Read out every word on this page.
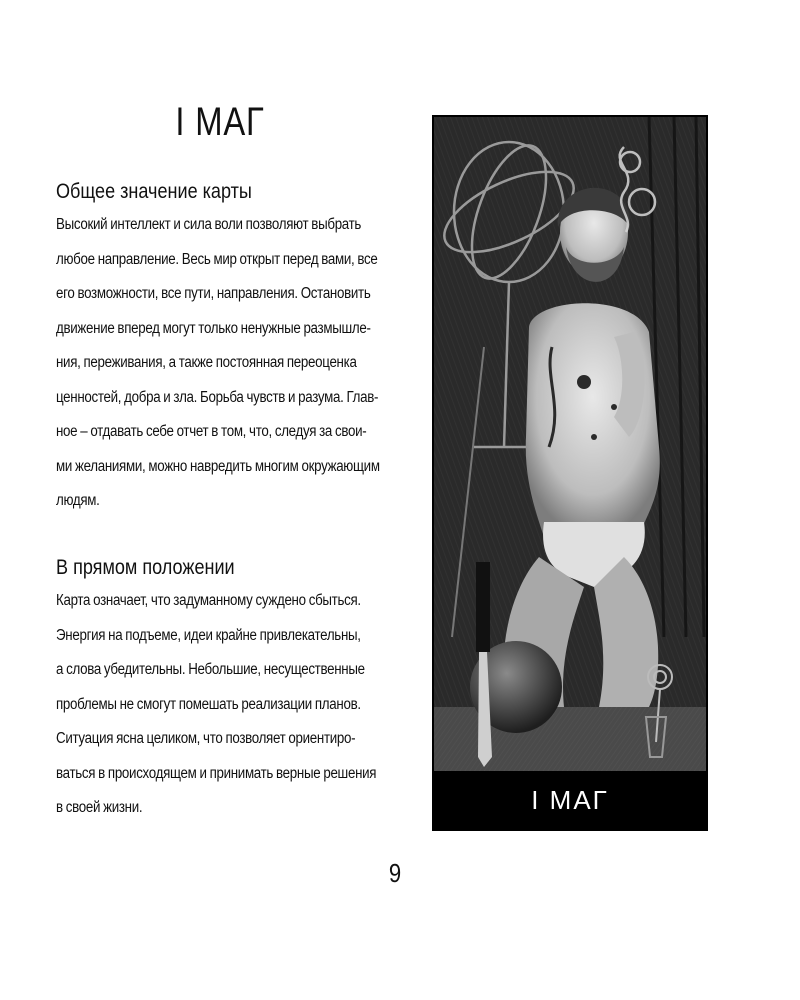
I МАГ
Общее значение карты
Высокий интеллект и сила воли позволяют выбрать
любое направление. Весь мир открыт перед вами, все
его возможности, все пути, направления. Остановить
движение вперед могут только ненужные размышле-
ния, переживания, а также постоянная переоценка
ценностей, добра и зла. Борьба чувств и разума. Глав-
ное – отдавать себе отчет в том, что, следуя за свои-
ми желаниями, можно навредить многим окружающим
людям.
В прямом положении
Карта означает, что задуманному суждено сбыться.
Энергия на подъеме, идеи крайне привлекательны,
а слова убедительны. Небольшие, несущественные
проблемы не смогут помешать реализации планов.
Ситуация ясна целиком, что позволяет ориентиро-
ваться в происходящем и принимать верные решения
в своей жизни.	I МАГ
9
